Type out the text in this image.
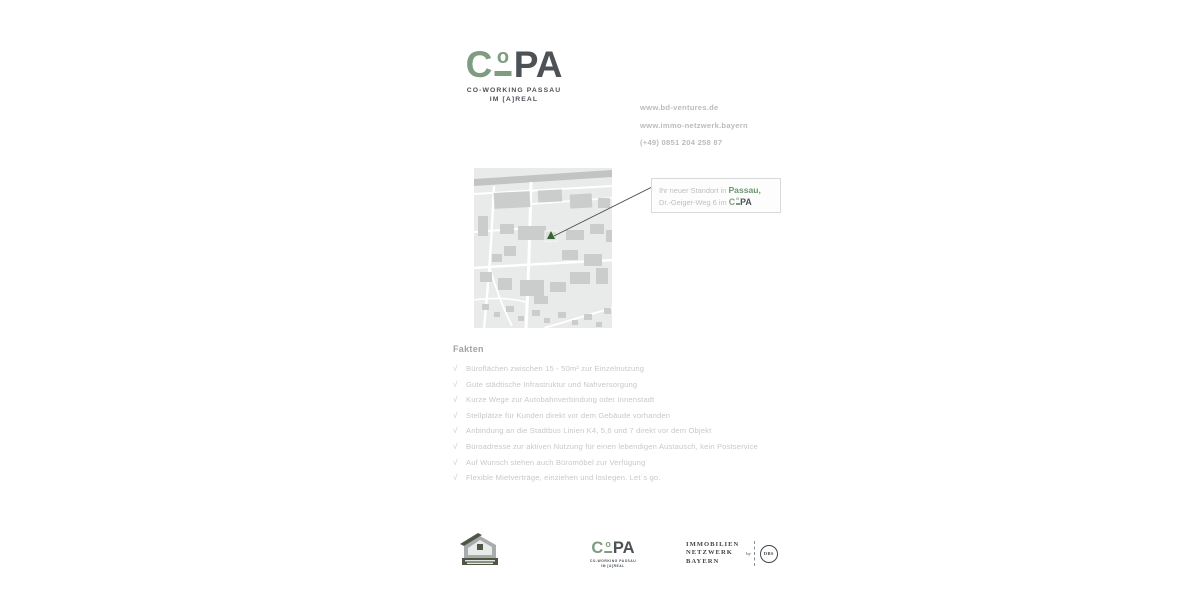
C o PA
CO-WORKING PASSAU
IM [A]REAL
www.bd-ventures.de
www.immo-netzwerk.bayern
(+49) 0851 204 258 87
Ihr neuer Standort in Passau,
Dr.-Geiger-Weg 6 im C o PA
Fakten
√	Büroflächen zwischen 15 - 50m² zur Einzelnutzung
√	Gute städtische Infrastruktur und Nahversorgung
√	Kurze Wege zur Autobahnverbindung oder Innenstadt
√	Stellplätze für Kunden direkt vor dem Gebäude vorhanden
√	Anbindung an die Stadtbus Linien K4, 5,6 und 7 direkt vor dem Objekt
√	Büroadresse zur aktiven Nutzung für einen lebendigen Austausch, kein Postservice
√	Auf Wunsch stehen auch Büromöbel zur Verfügung
√	Flexible Mietverträge, einziehen und loslegen. Let´s go.
C o PA
CO-WORKING PASSAU
IM [A]REAL
IMMOBILIEN
NETZWERK
BAYERN
by	DBS
